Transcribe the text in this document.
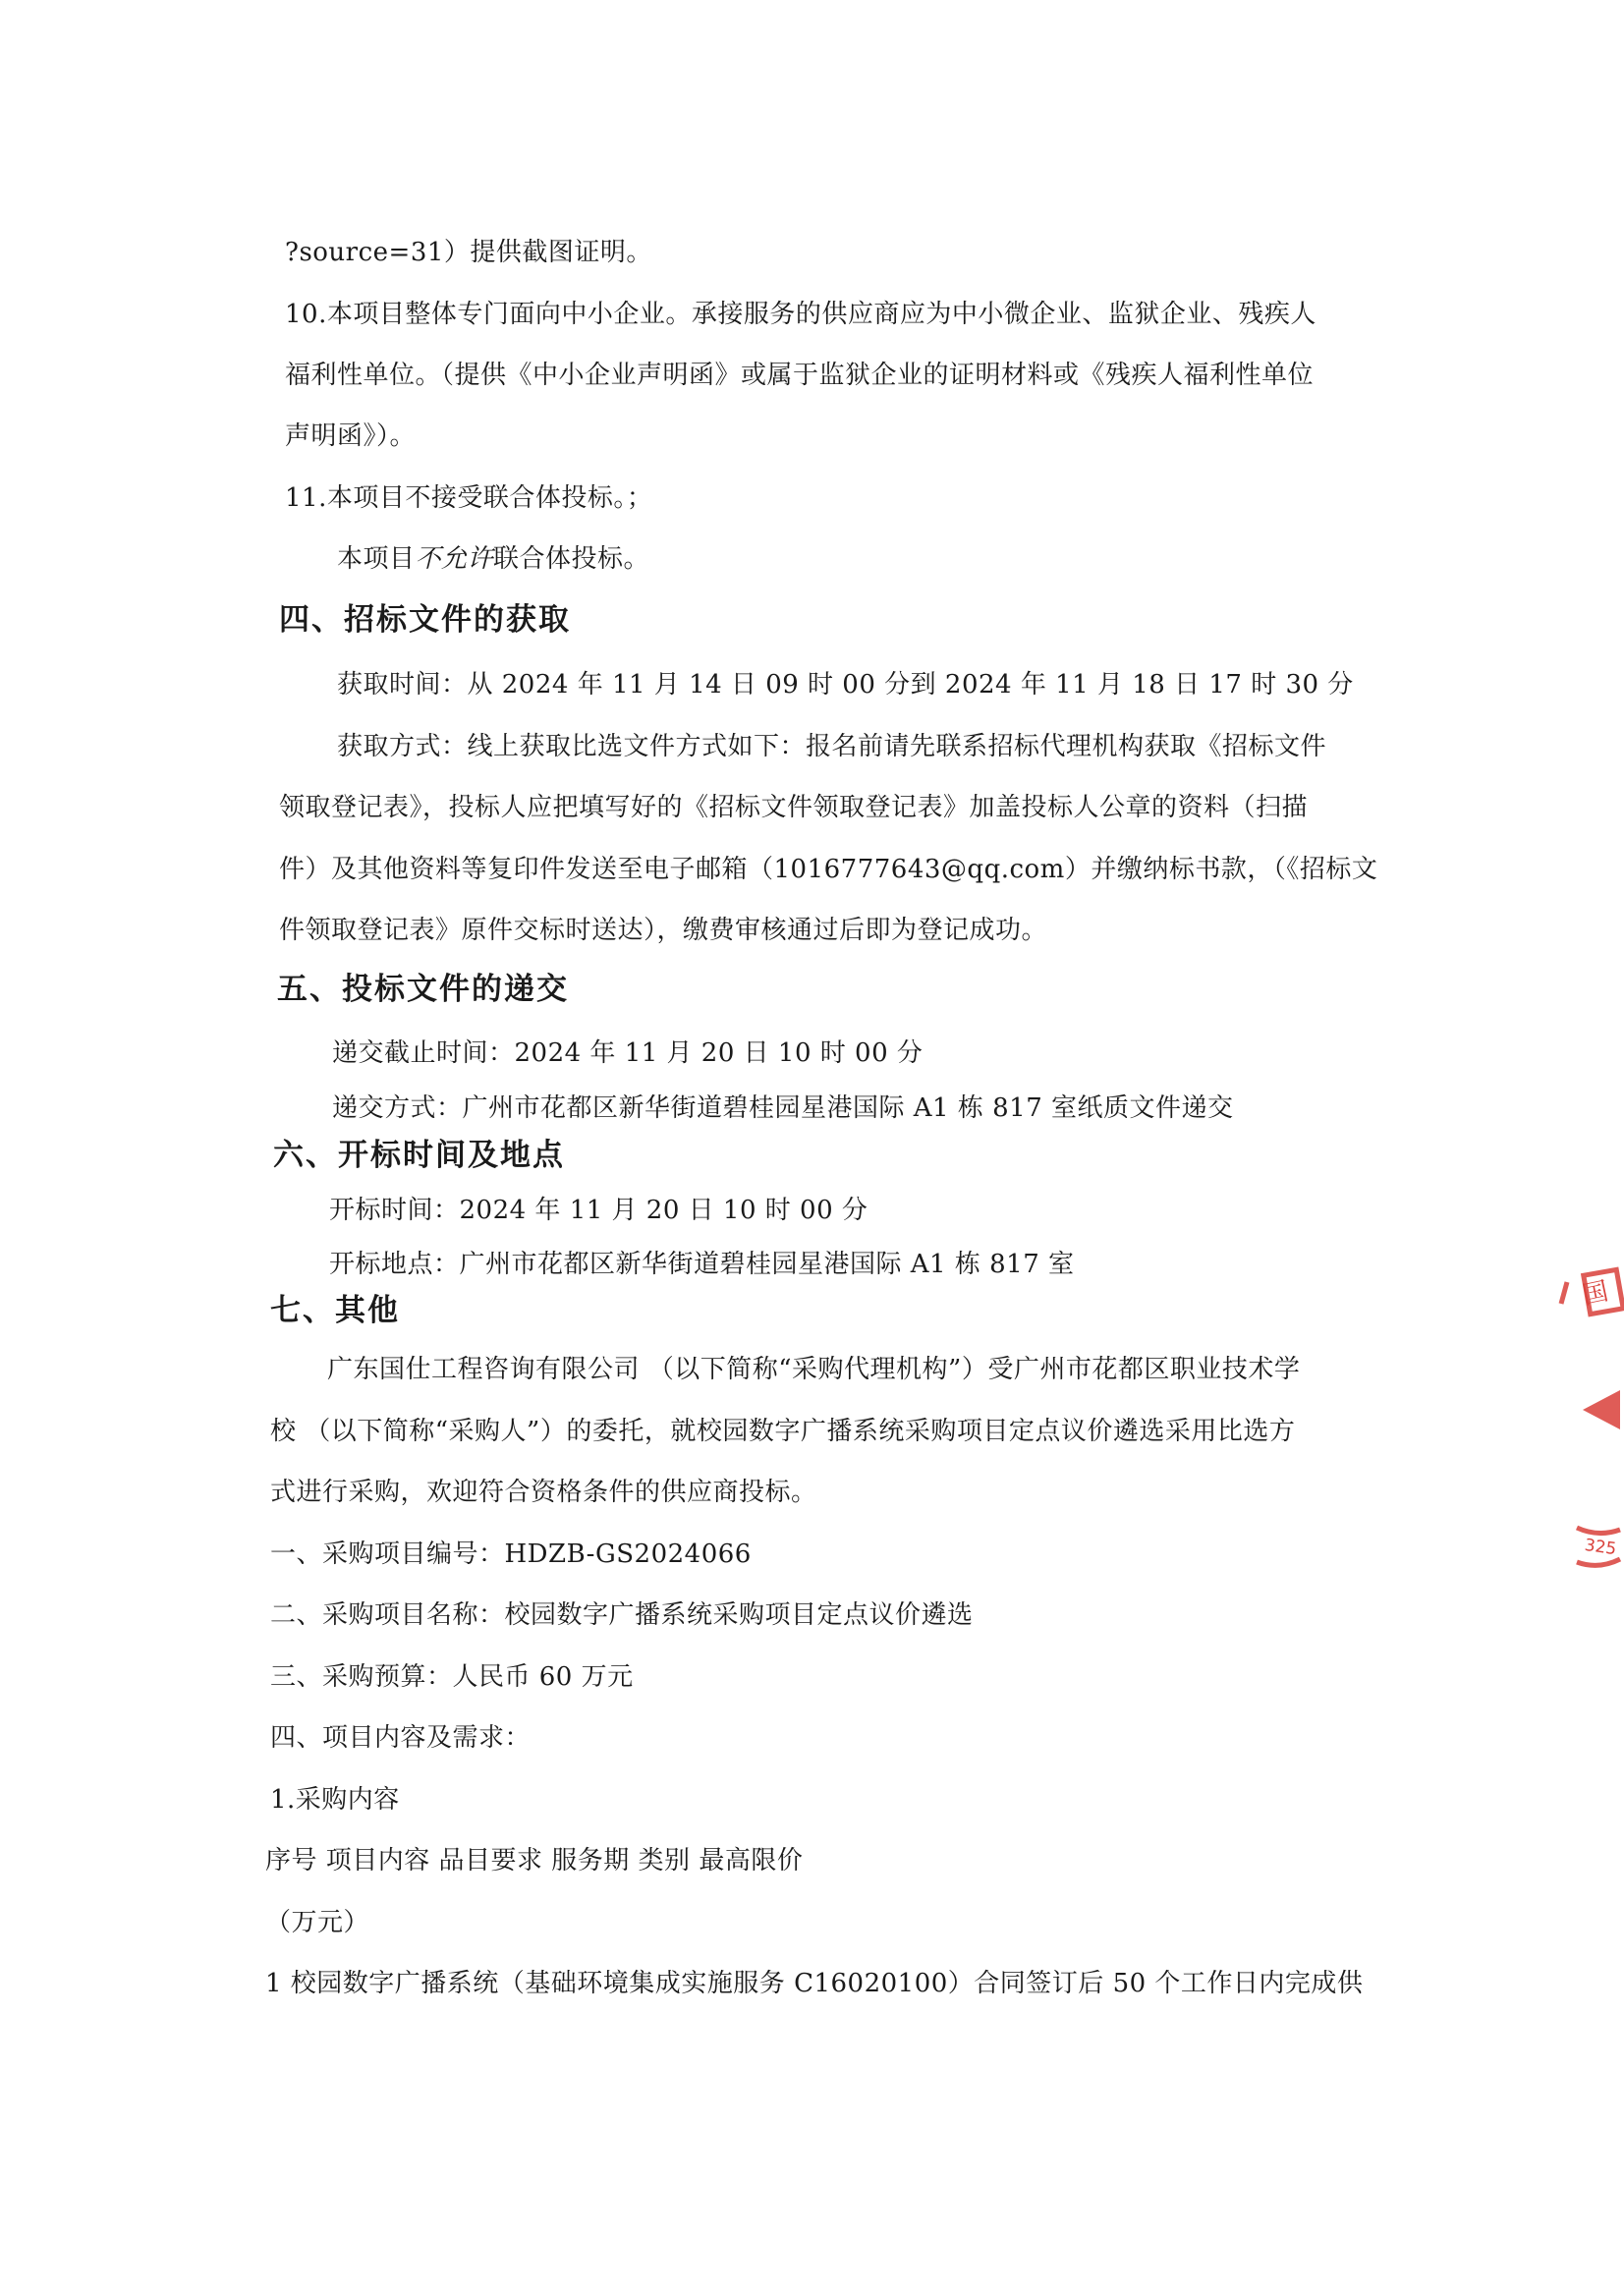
?source=31）提供截图证明。
10.本项目整体专门面向中小企业。承接服务的供应商应为中小微企业、监狱企业、残疾人
福利性单位。（提供《中小企业声明函》或属于监狱企业的证明材料或《残疾人福利性单位
声明函》）。
11.本项目不接受联合体投标。；
本项目不允许联合体投标。
四、招标文件的获取
获取时间：从 2024 年 11 月 14 日 09 时 00 分到 2024 年 11 月 18 日 17 时 30 分
获取方式：线上获取比选文件方式如下：报名前请先联系招标代理机构获取《招标文件
领取登记表》，投标人应把填写好的《招标文件领取登记表》加盖投标人公章的资料（扫描
件）及其他资料等复印件发送至电子邮箱（1016777643@qq.com）并缴纳标书款，（《招标文
件领取登记表》原件交标时送达），缴费审核通过后即为登记成功。
五、投标文件的递交
递交截止时间：2024 年 11 月 20 日 10 时 00 分
递交方式：广州市花都区新华街道碧桂园星港国际 A1 栋 817 室纸质文件递交
六、开标时间及地点
开标时间：2024 年 11 月 20 日 10 时 00 分
开标地点：广州市花都区新华街道碧桂园星港国际 A1 栋 817 室
七、其他
广东国仕工程咨询有限公司 （以下简称“采购代理机构”）受广州市花都区职业技术学
校 （以下简称“采购人”）的委托，就校园数字广播系统采购项目定点议价遴选采用比选方
式进行采购，欢迎符合资格条件的供应商投标。
一、采购项目编号：HDZB-GS2024066
二、采购项目名称：校园数字广播系统采购项目定点议价遴选
三、采购预算：人民币 60 万元
四、项目内容及需求：
1.采购内容
序号 项目内容 品目要求 服务期 类别 最高限价
（万元）
1 校园数字广播系统（基础环境集成实施服务 C16020100）合同签订后 50 个工作日内完成供
国
325
